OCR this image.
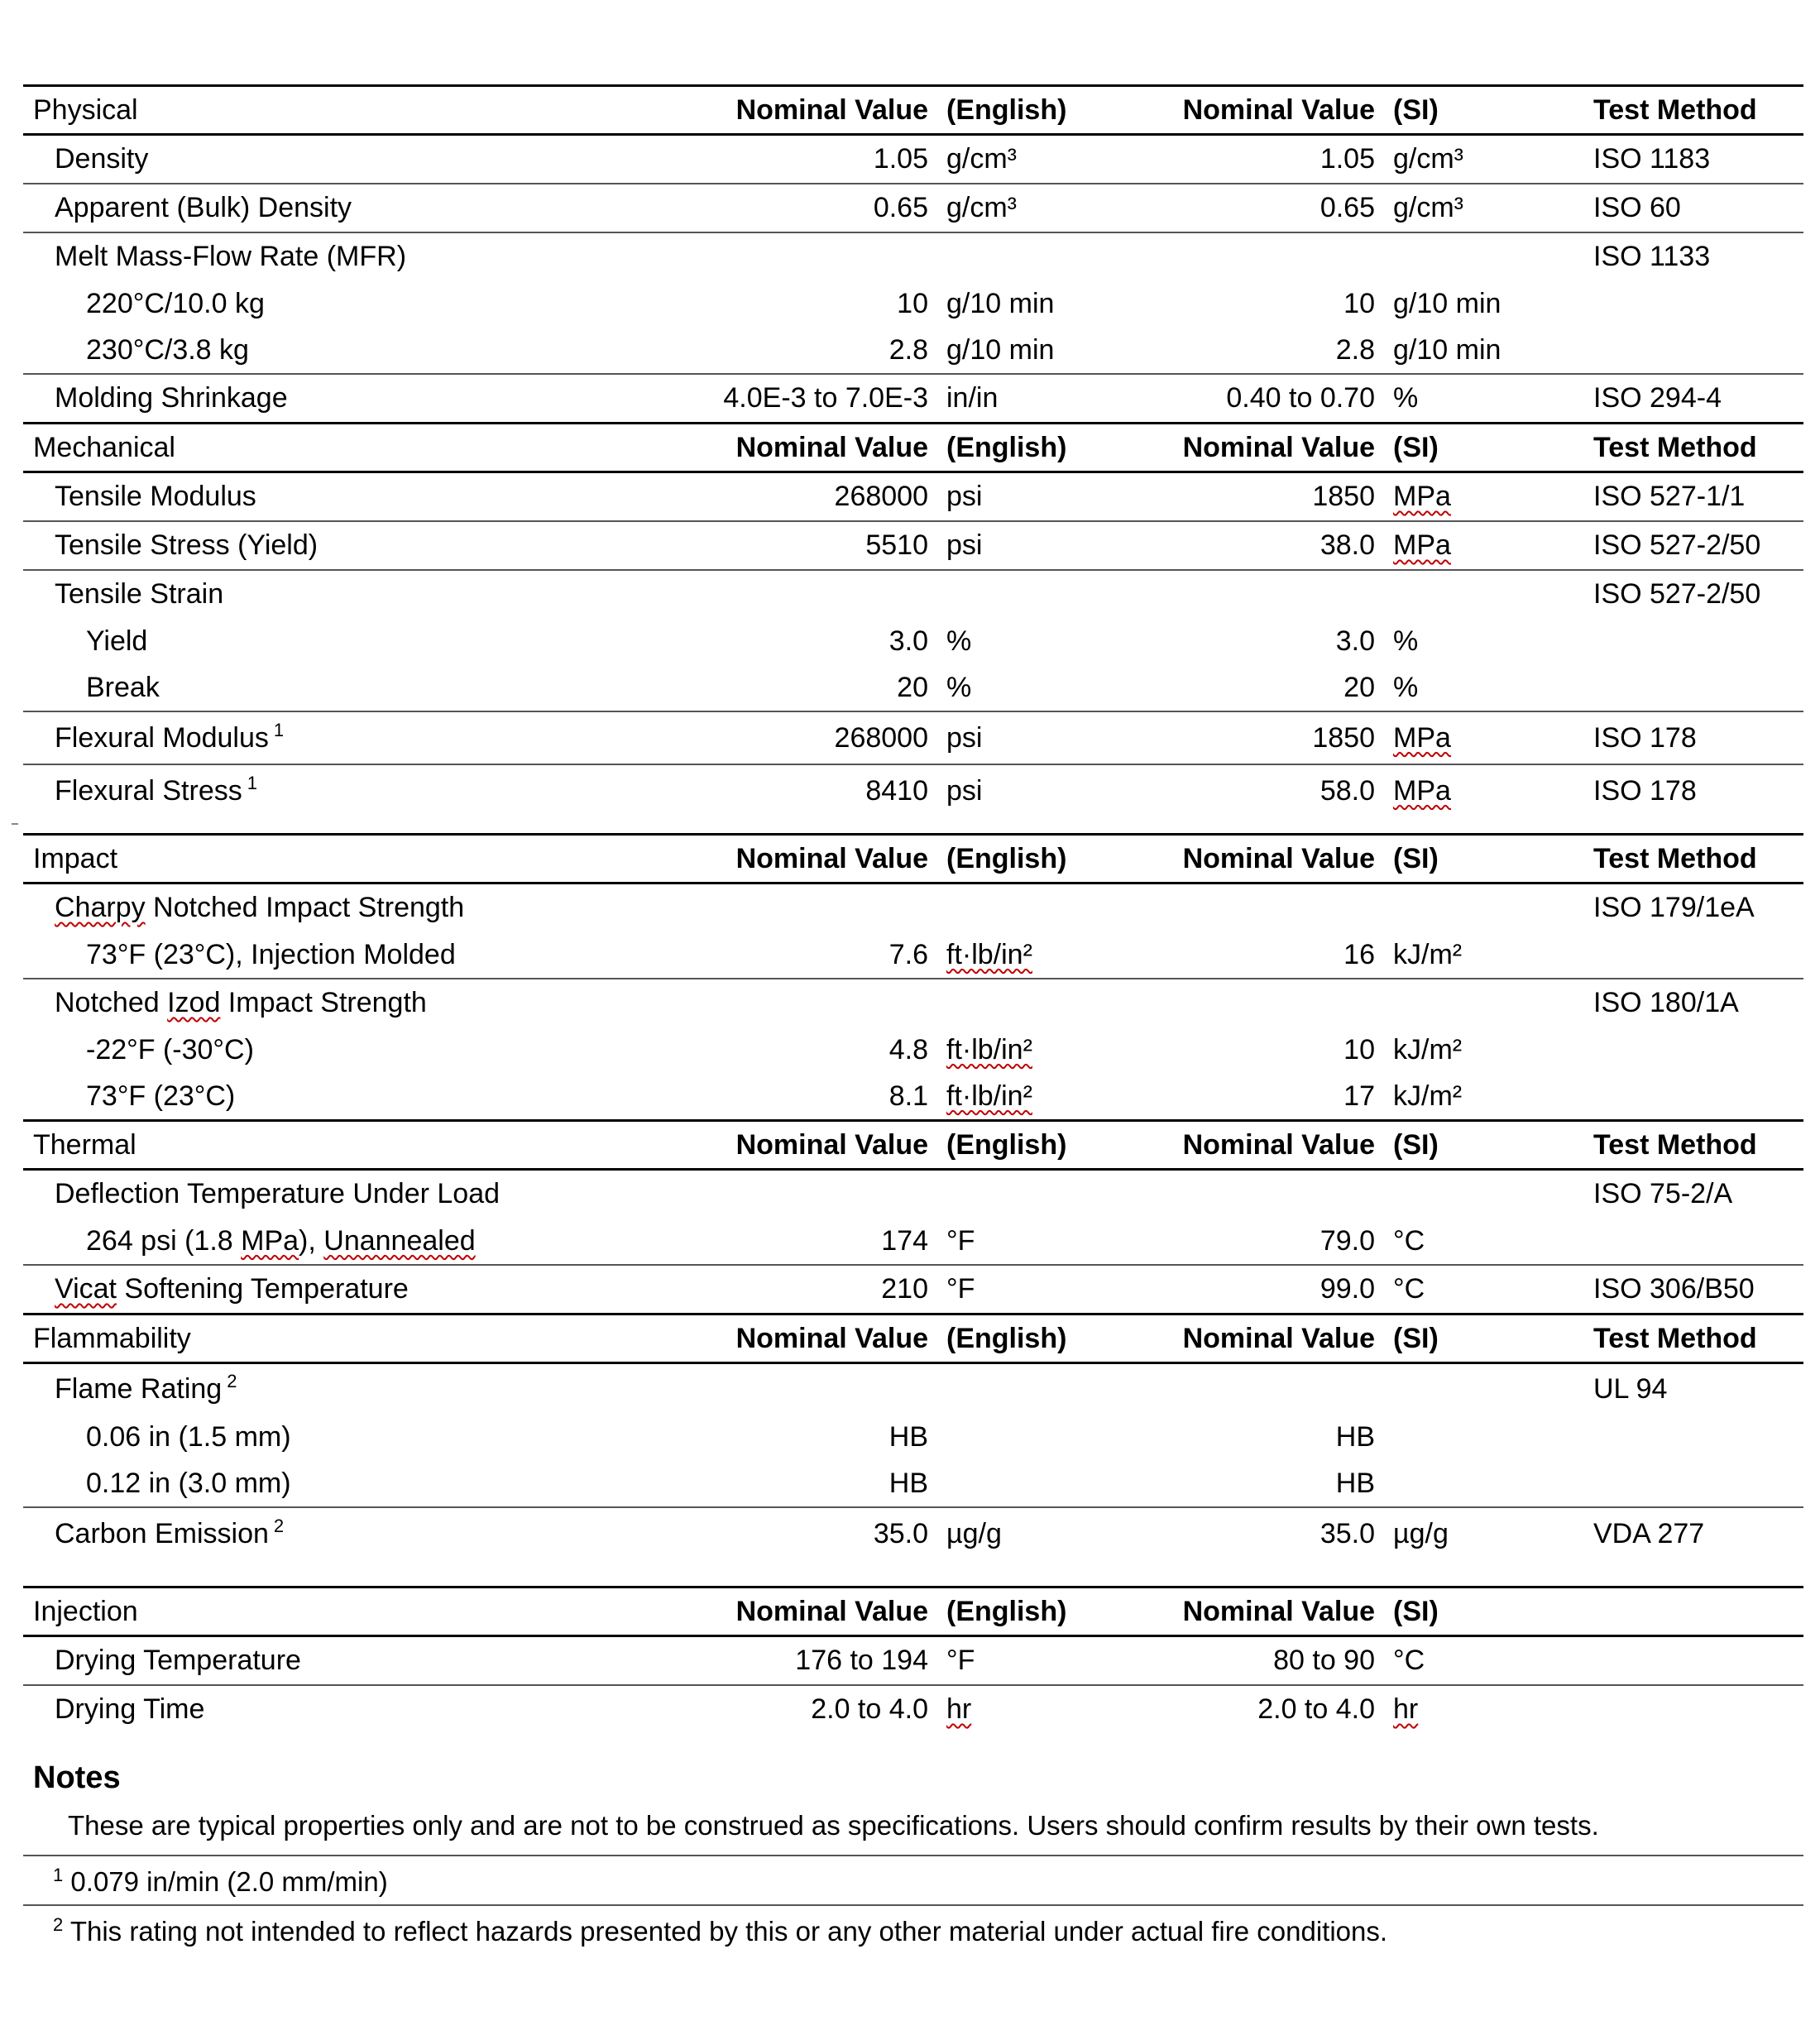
Physical	Nominal Value (English)	Nominal Value (SI)	Test Method
Density	1.05 g/cm³	1.05 g/cm³	ISO 1183
Apparent (Bulk) Density	0.65 g/cm³	0.65 g/cm³	ISO 60
Melt Mass-Flow Rate (MFR)	ISO 1133
220°C/10.0 kg	10 g/10 min	10 g/10 min
230°C/3.8 kg	2.8 g/10 min	2.8 g/10 min
Molding Shrinkage	4.0E-3 to 7.0E-3 in/in	0.40 to 0.70 %	ISO 294-4
Mechanical	Nominal Value (English)	Nominal Value (SI)	Test Method
Tensile Modulus	268000 psi	1850 MPa	ISO 527-1/1
Tensile Stress (Yield)	5510 psi	38.0 MPa	ISO 527-2/50
Tensile Strain	ISO 527-2/50
Yield	3.0 %	3.0 %
Break	20 %	20 %
Flexural Modulus $^1$	268000 psi	1850 MPa	ISO 178
Flexural Stress $^1$	8410 psi	58.0 MPa	ISO 178
Impact	Nominal Value (English)	Nominal Value (SI)	Test Method
Charpy Notched Impact Strength	ISO 179/1eA
73°F (23°C), Injection Molded	7.6 ft·lb/in²	16 kJ/m²
Notched Izod Impact Strength	ISO 180/1A
-22°F (-30°C)	4.8 ft·lb/in²	10 kJ/m²
73°F (23°C)	8.1 ft·lb/in²	17 kJ/m²
Thermal	Nominal Value (English)	Nominal Value (SI)	Test Method
Deflection Temperature Under Load	ISO 75-2/A
264 psi (1.8 MPa), Unannealed	174 °F	79.0 °C
Vicat Softening Temperature	210 °F	99.0 °C	ISO 306/B50
Flammability	Nominal Value (English)	Nominal Value (SI)	Test Method
Flame Rating $^2$	UL 94
0.06 in (1.5 mm)	HB	HB
0.12 in (3.0 mm)	HB	HB
Carbon Emission $^2$	35.0 µg/g	35.0 µg/g	VDA 277
Injection	Nominal Value (English)	Nominal Value (SI)
Drying Temperature	176 to 194 °F	80 to 90 °C
Drying Time	2.0 to 4.0 hr	2.0 to 4.0 hr
Notes
These are typical properties only and are not to be construed as specifications. Users should confirm results by their own tests.
$^1$ 0.079 in/min (2.0 mm/min)
$^2$ This rating not intended to reflect hazards presented by this or any other material under actual fire conditions.
